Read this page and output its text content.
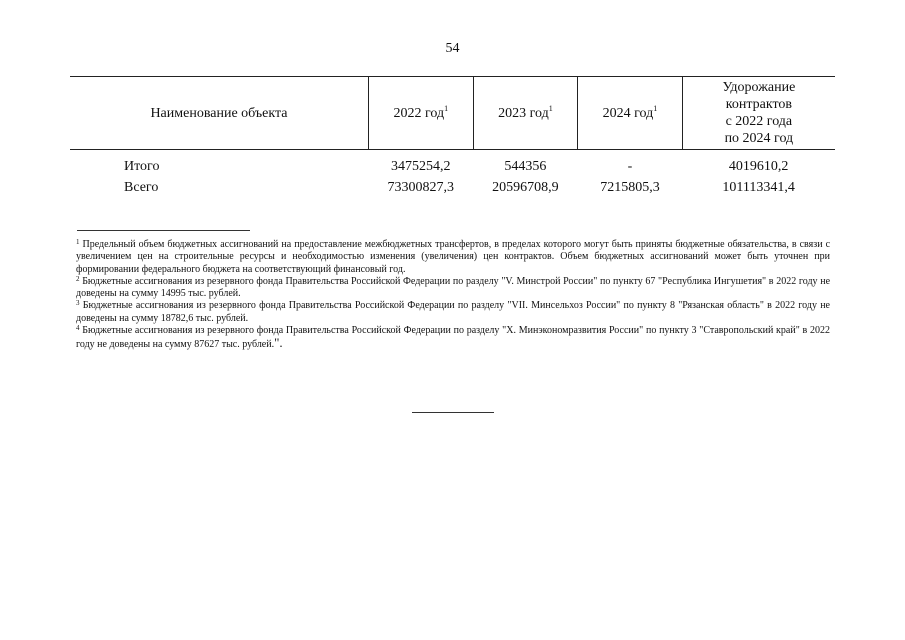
54
Наименование объекта	2022 год$^1$	2023 год$^1$	2024 год$^1$	Удорожание
контрактов
с 2022 года
по 2024 год

Итого	3475254,2	544356	-	4019610,2
Всего	73300827,3	20596708,9	7215805,3	101113341,4

$^1$ Предельный объем бюджетных ассигнований на предоставление межбюджетных трансфертов, в пределах которого могут быть приняты бюджетные обязательства, в связи с увеличением цен на строительные ресурсы и необходимостью изменения (увеличения) цен контрактов. Объем бюджетных ассигнований может быть уточнен при формировании федерального бюджета на соответствующий финансовый год.

$^2$ Бюджетные ассигнования из резервного фонда Правительства Российской Федерации по разделу "V. Минстрой России" по пункту 67 "Республика Ингушетия" в 2022 году не доведены на сумму 14995 тыс. рублей.

$^3$ Бюджетные ассигнования из резервного фонда Правительства Российской Федерации по разделу "VII. Минсельхоз России" по пункту 8 "Рязанская область" в 2022 году не доведены на сумму 18782,6 тыс. рублей.

$^4$ Бюджетные ассигнования из резервного фонда Правительства Российской Федерации по разделу "X. Минэкономразвития России" по пункту 3 "Ставропольский край" в 2022 году не доведены на сумму 87627 тыс. рублей.".
